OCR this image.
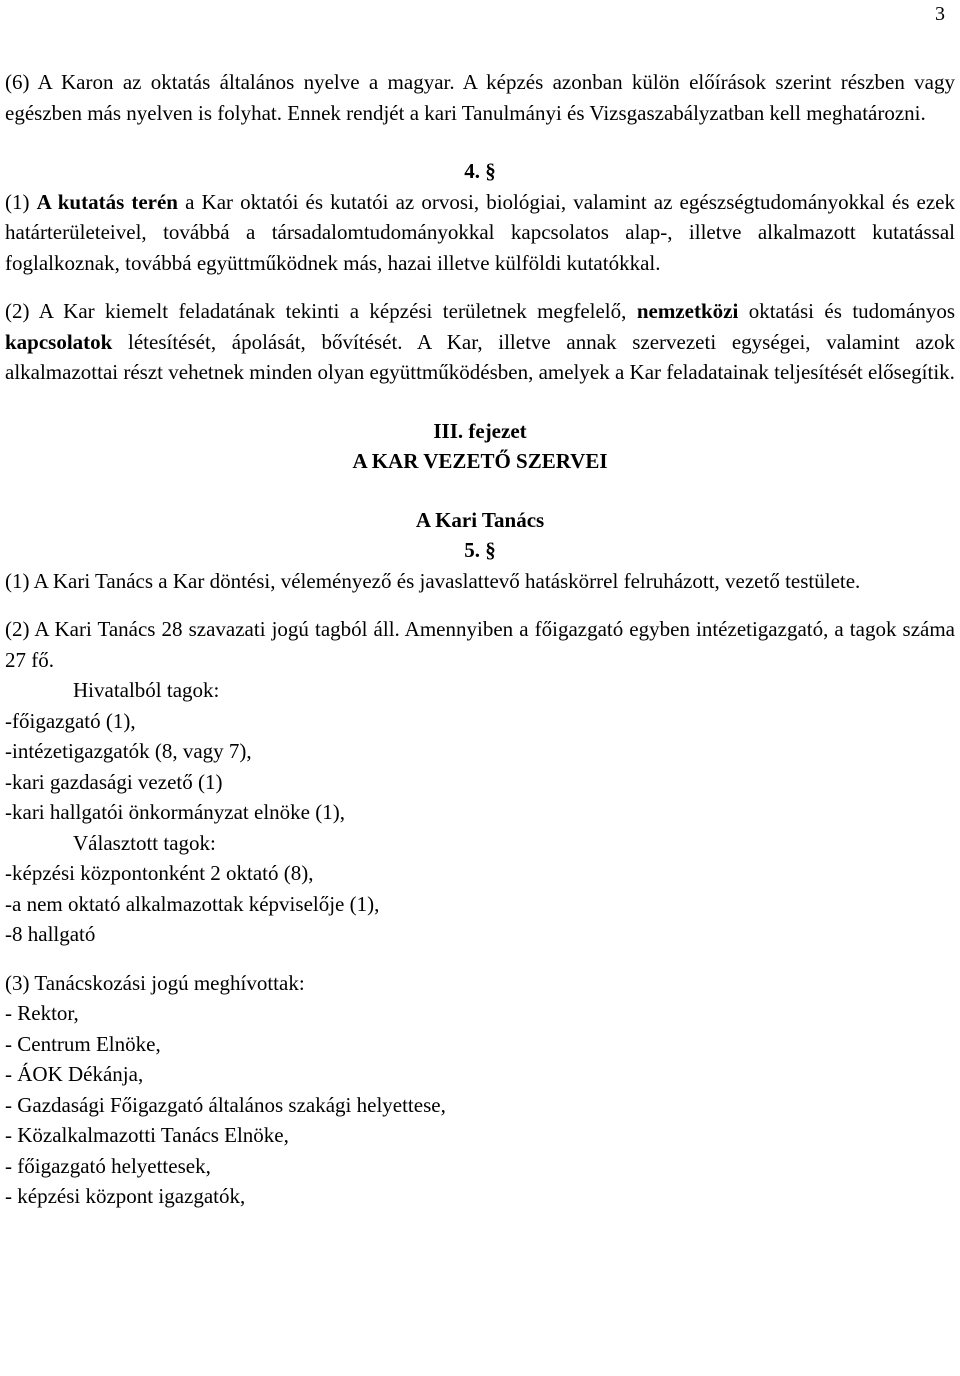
3

(6) A Karon az oktatás általános nyelve a magyar. A képzés azonban külön előírások szerint részben vagy egészben más nyelven is folyhat. Ennek rendjét a kari Tanulmányi és Vizsgaszabályzatban kell meghatározni.

4. §

(1) A kutatás terén a Kar oktatói és kutatói az orvosi, biológiai, valamint az egészségtudományokkal és ezek határterületeivel, továbbá a társadalomtudományokkal kapcsolatos alap-, illetve alkalmazott kutatással foglalkoznak, továbbá együttműködnek más, hazai illetve külföldi kutatókkal.

(2) A Kar kiemelt feladatának tekinti a képzési területnek megfelelő, nemzetközi oktatási és tudományos kapcsolatok létesítését, ápolását, bővítését. A Kar, illetve annak szervezeti egységei, valamint azok alkalmazottai részt vehetnek minden olyan együttműködésben, amelyek a Kar feladatainak teljesítését elősegítik.

III. fejezet

A KAR VEZETŐ SZERVEI

A Kari Tanács

5. §

(1) A Kari Tanács a Kar döntési, véleményező és javaslattevő hatáskörrel felruházott, vezető testülete.

(2) A Kari Tanács 28 szavazati jogú tagból áll. Amennyiben a főigazgató egyben intézetigazgató, a tagok száma 27 fő.

Hivatalból tagok:

-főigazgató (1),
-intézetigazgatók (8, vagy 7),
-kari gazdasági vezető (1)
-kari hallgatói önkormányzat elnöke (1),

Választott tagok:

-képzési központonként 2 oktató (8),
-a nem oktató alkalmazottak képviselője (1),
-8 hallgató

(3) Tanácskozási jogú meghívottak:

- Rektor,
- Centrum Elnöke,
- ÁOK Dékánja,
- Gazdasági Főigazgató általános szakági helyettese,
- Közalkalmazotti Tanács Elnöke,
- főigazgató helyettesek,
- képzési központ igazgatók,
